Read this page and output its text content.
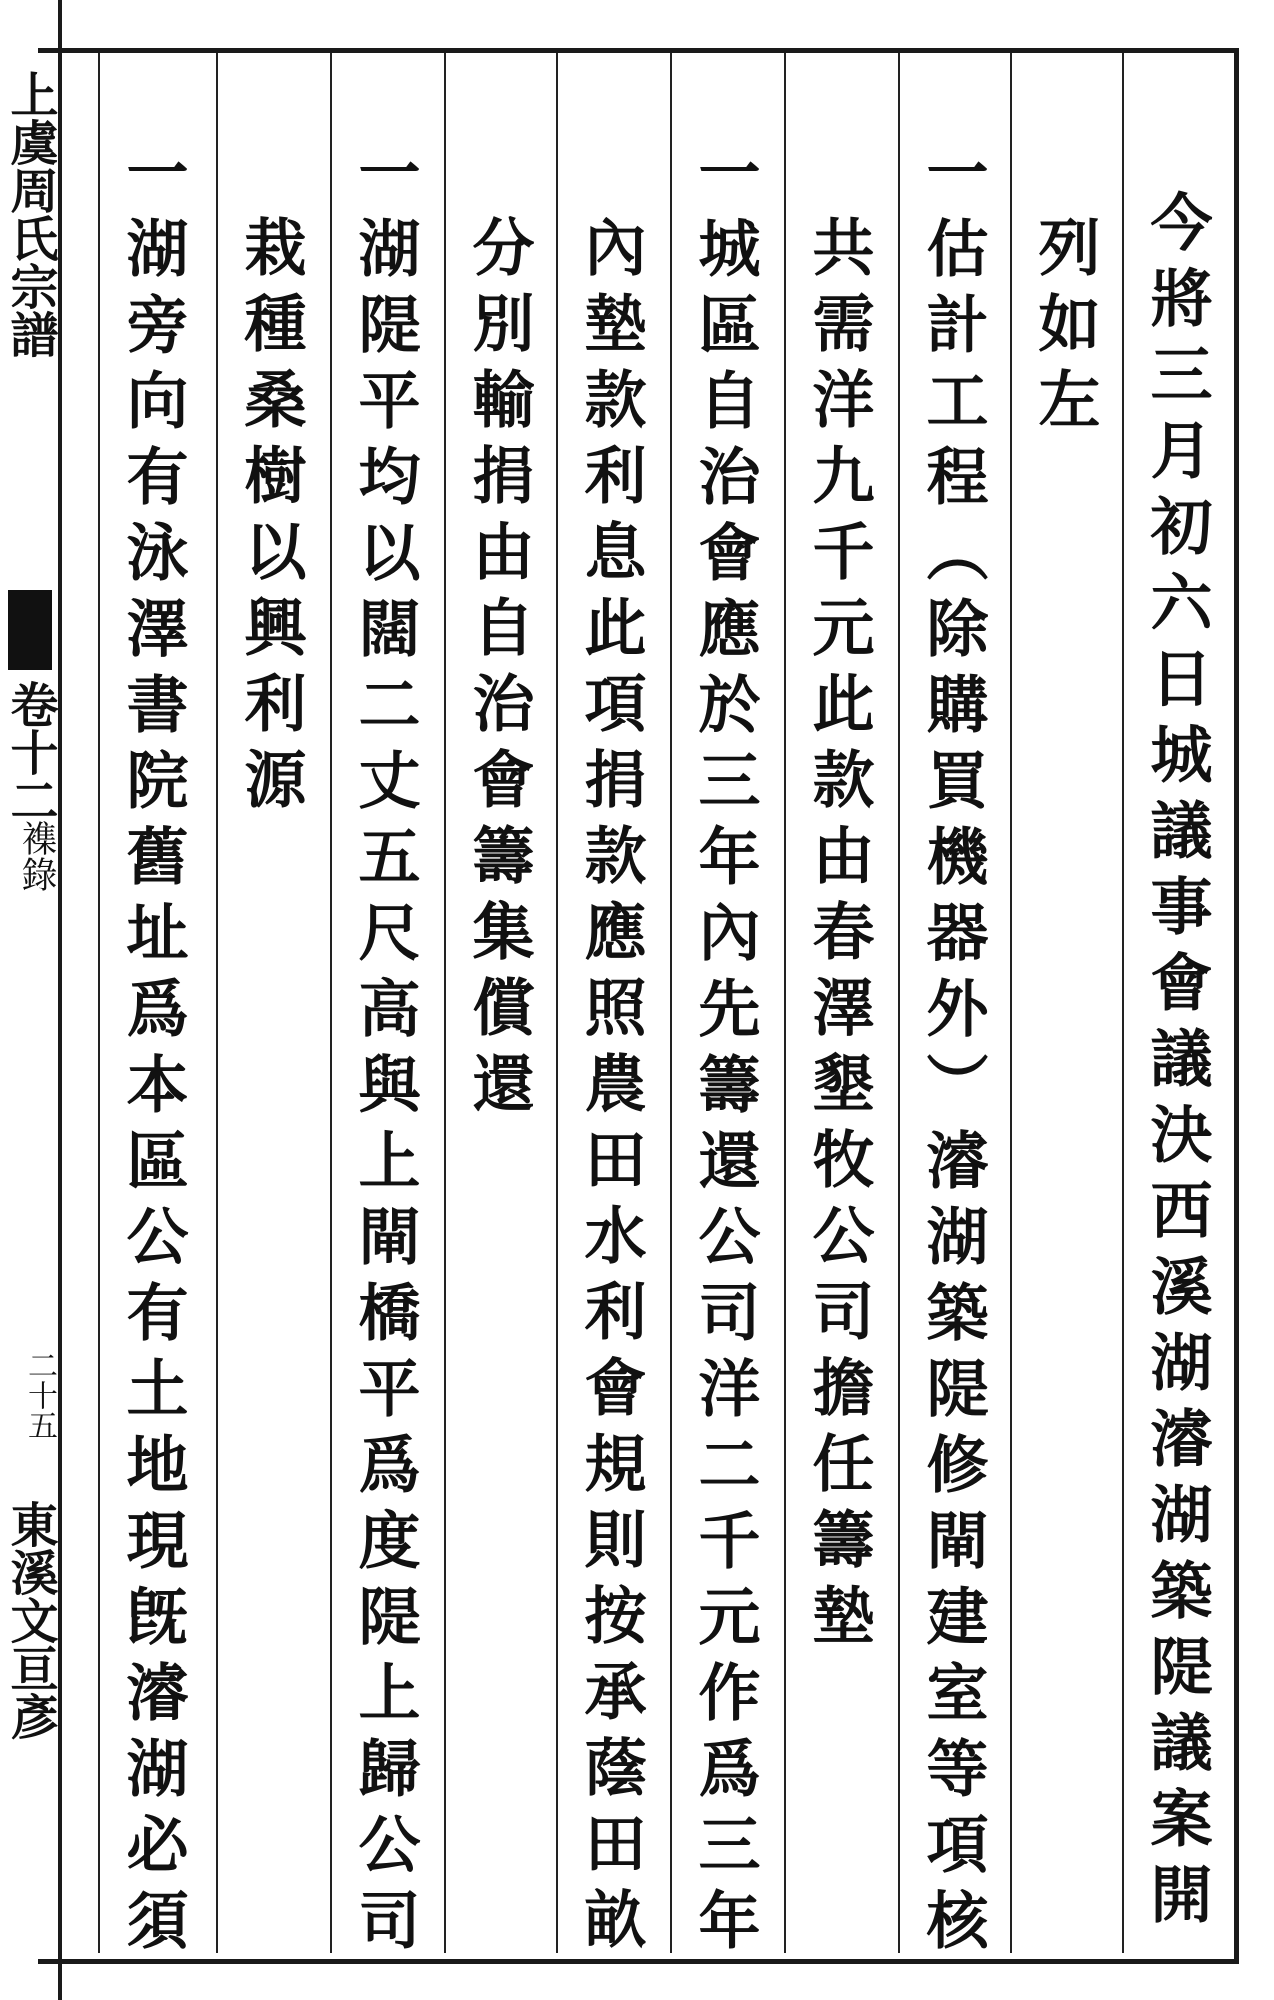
上虞周氏宗譜
卷十二
襍錄
二十五
東溪文亘彥	今將三月初六日城議事會議決西溪湖濬湖築隄議案開
列如左
一估計工程（除購買機器外）濬湖築隄修閘建室等項核
共需洋九千元此款由春澤墾牧公司擔任籌墊
一城區自治會應於三年內先籌還公司洋二千元作爲三年
內墊款利息此項捐款應照農田水利會規則按承蔭田畝
分別輸捐由自治會籌集償還
一湖隄平均以闊二丈五尺高與上閘橋平爲度隄上歸公司
栽種桑樹以興利源
一湖旁向有泳澤書院舊址爲本區公有土地現旣濬湖必須
